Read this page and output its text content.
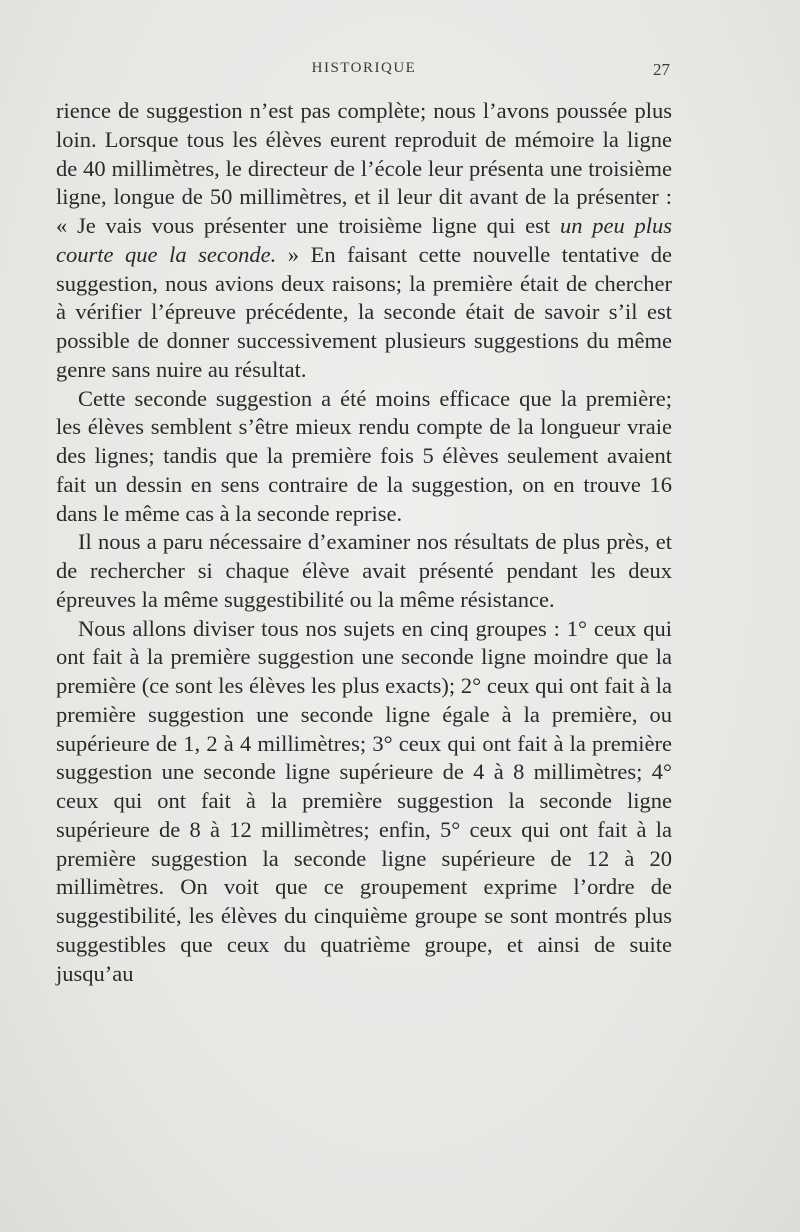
HISTORIQUE	27

rience de suggestion n’est pas complète; nous l’avons poussée plus loin. Lorsque tous les élèves eurent reproduit de mémoire la ligne de 40 millimètres, le directeur de l’école leur présenta une troisième ligne, longue de 50 millimètres, et il leur dit avant de la présenter : « Je vais vous présenter une troisième ligne qui est un peu plus courte que la seconde. » En faisant cette nouvelle tentative de suggestion, nous avions deux raisons; la première était de chercher à vérifier l’épreuve précédente, la seconde était de savoir s’il est possible de donner successivement plusieurs suggestions du même genre sans nuire au résultat.

Cette seconde suggestion a été moins efficace que la première; les élèves semblent s’être mieux rendu compte de la longueur vraie des lignes; tandis que la première fois 5 élèves seulement avaient fait un dessin en sens contraire de la suggestion, on en trouve 16 dans le même cas à la seconde reprise.

Il nous a paru nécessaire d’examiner nos résultats de plus près, et de rechercher si chaque élève avait présenté pendant les deux épreuves la même suggestibilité ou la même résistance.

Nous allons diviser tous nos sujets en cinq groupes : 1° ceux qui ont fait à la première suggestion une seconde ligne moindre que la première (ce sont les élèves les plus exacts); 2° ceux qui ont fait à la première suggestion une seconde ligne égale à la première, ou supérieure de 1, 2 à 4 millimètres; 3° ceux qui ont fait à la première suggestion une seconde ligne supérieure de 4 à 8 millimètres; 4° ceux qui ont fait à la première suggestion la seconde ligne supérieure de 8 à 12 millimètres; enfin, 5° ceux qui ont fait à la première suggestion la seconde ligne supérieure de 12 à 20 millimètres. On voit que ce groupement exprime l’ordre de suggestibilité, les élèves du cinquième groupe se sont montrés plus suggestibles que ceux du quatrième groupe, et ainsi de suite jusqu’au
